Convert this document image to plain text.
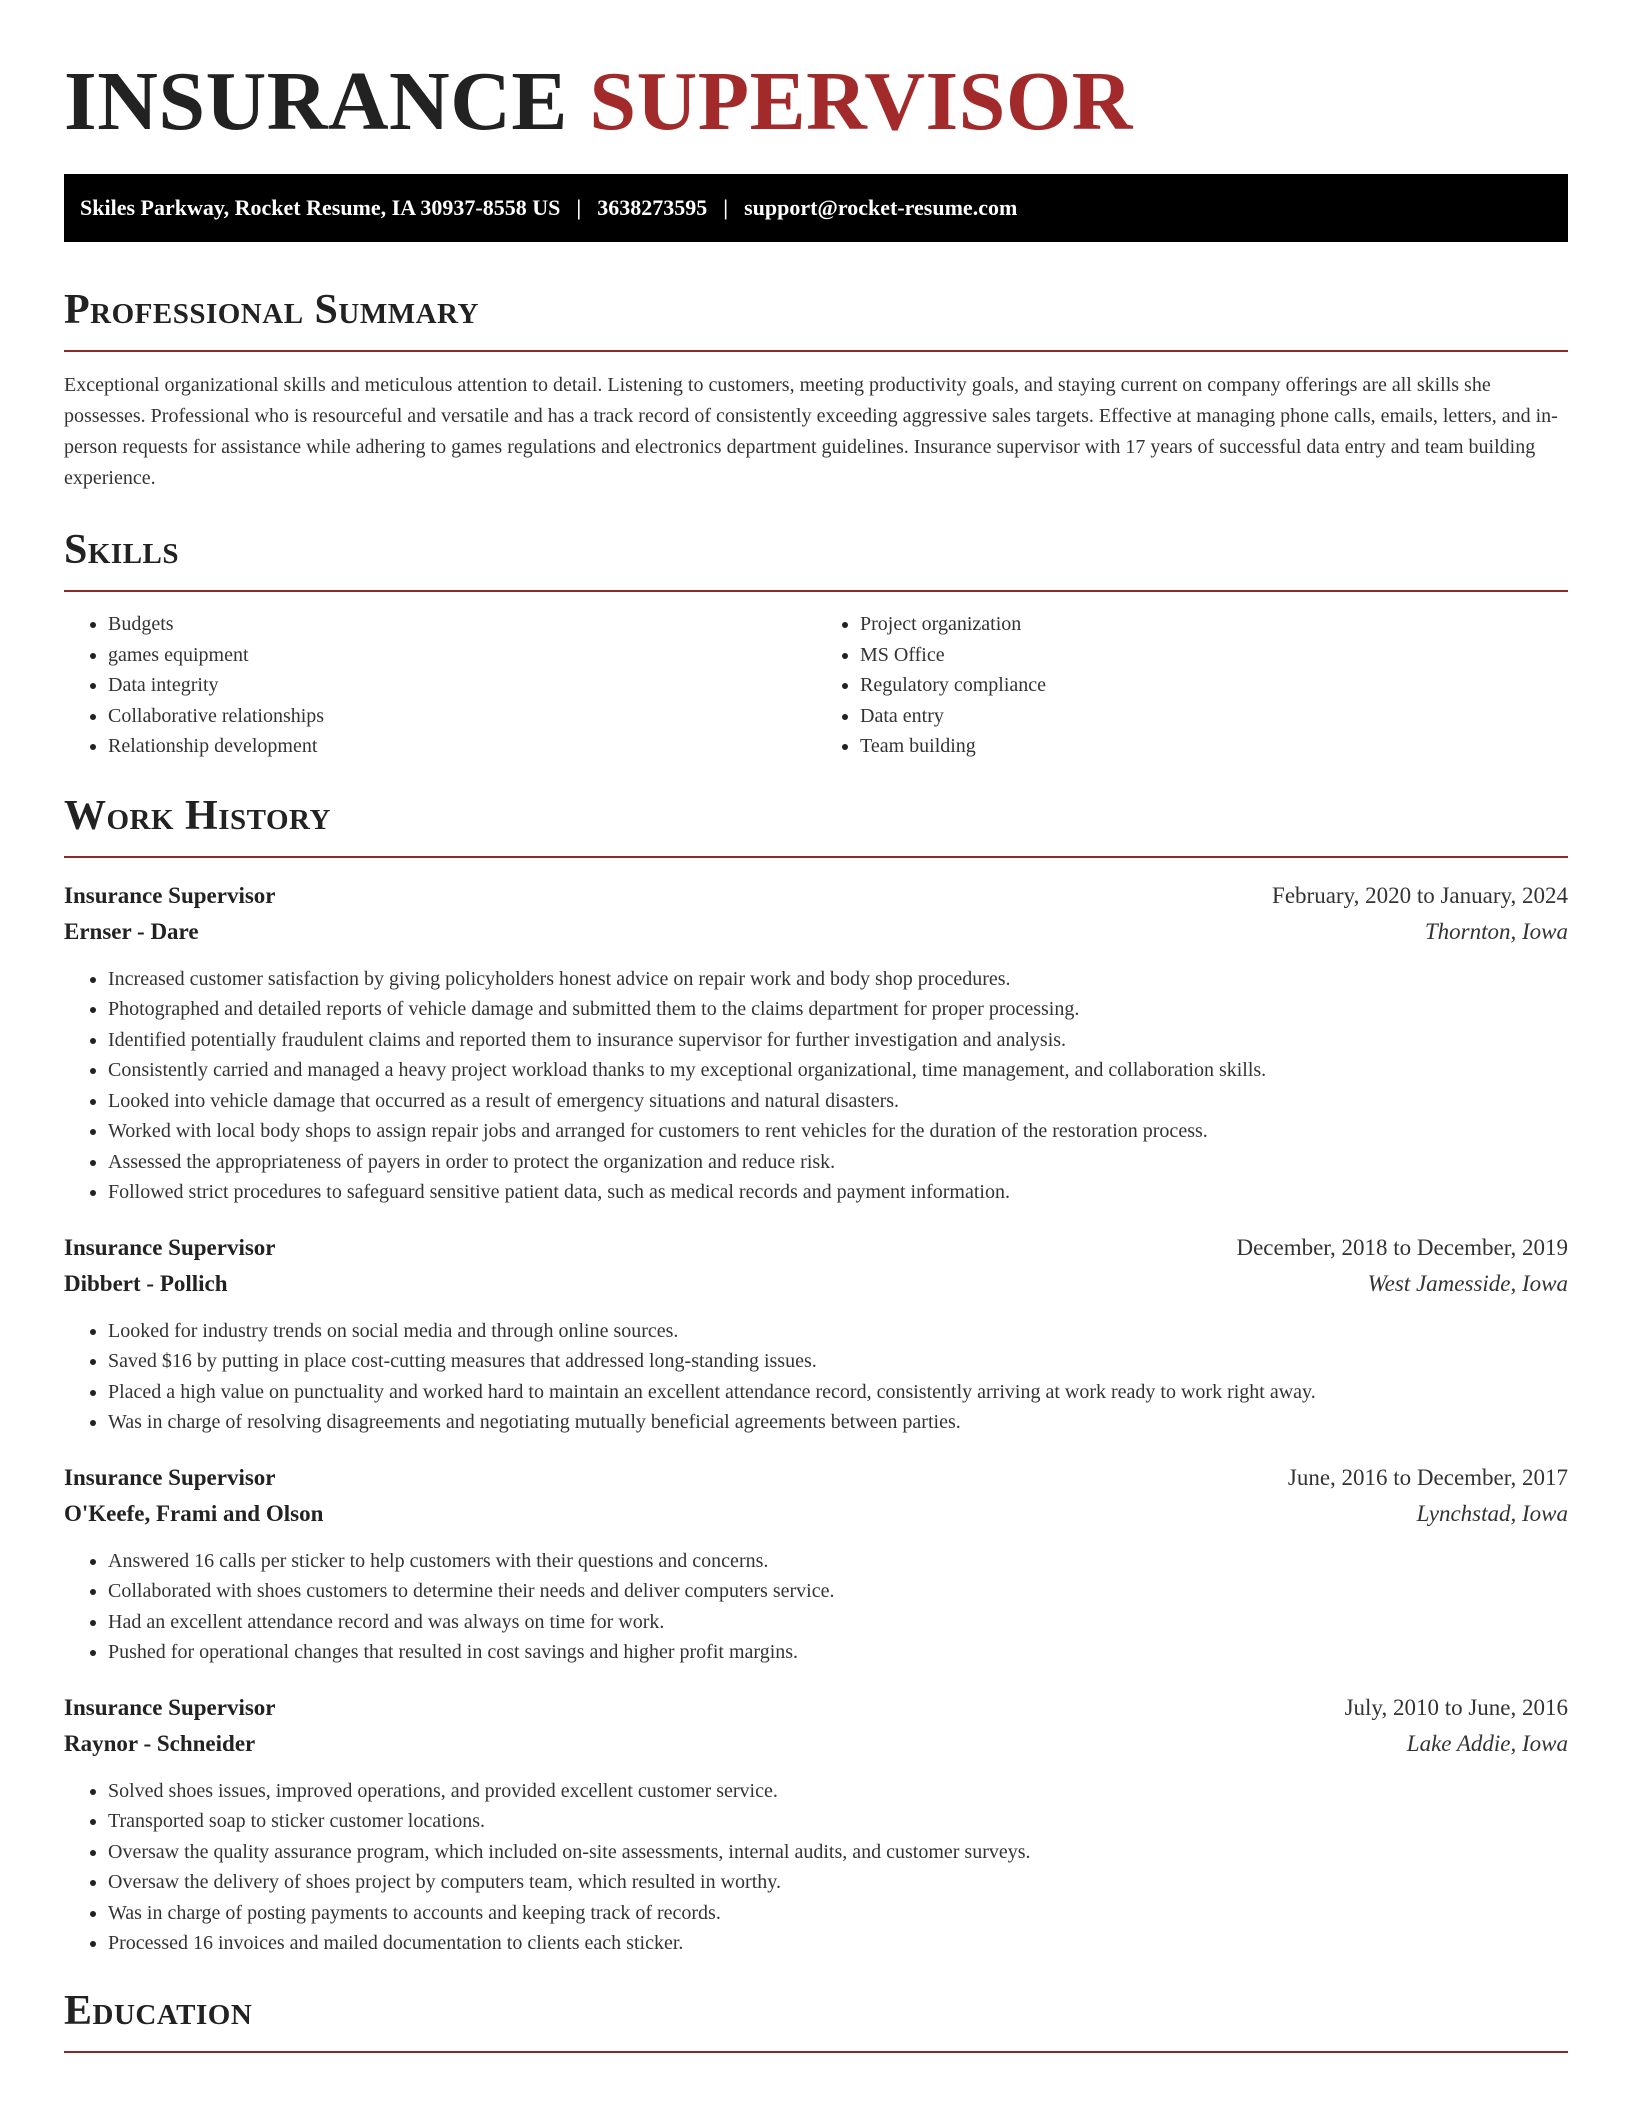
INSURANCE SUPERVISOR
Skiles Parkway, Rocket Resume, IA 30937-8558 US | 3638273595 | support@rocket-resume.com
Professional Summary

Exceptional organizational skills and meticulous attention to detail. Listening to customers, meeting productivity goals, and staying current on company offerings are all skills she possesses. Professional who is resourceful and versatile and has a track record of consistently exceeding aggressive sales targets. Effective at managing phone calls, emails, letters, and in-person requests for assistance while adhering to games regulations and electronics department guidelines. Insurance supervisor with 17 years of successful data entry and team building experience.

Skills
• Budgets
• games equipment
• Data integrity
• Collaborative relationships
• Relationship development
• Project organization
• MS Office
• Regulatory compliance
• Data entry
• Team building
Work History
Insurance Supervisor	February, 2020 to January, 2024
Ernser - Dare	Thornton, Iowa
• Increased customer satisfaction by giving policyholders honest advice on repair work and body shop procedures.
• Photographed and detailed reports of vehicle damage and submitted them to the claims department for proper processing.
• Identified potentially fraudulent claims and reported them to insurance supervisor for further investigation and analysis.
• Consistently carried and managed a heavy project workload thanks to my exceptional organizational, time management, and collaboration skills.
• Looked into vehicle damage that occurred as a result of emergency situations and natural disasters.
• Worked with local body shops to assign repair jobs and arranged for customers to rent vehicles for the duration of the restoration process.
• Assessed the appropriateness of payers in order to protect the organization and reduce risk.
• Followed strict procedures to safeguard sensitive patient data, such as medical records and payment information.
Insurance Supervisor	December, 2018 to December, 2019
Dibbert - Pollich	West Jamesside, Iowa
• Looked for industry trends on social media and through online sources.
• Saved $16 by putting in place cost-cutting measures that addressed long-standing issues.
• Placed a high value on punctuality and worked hard to maintain an excellent attendance record, consistently arriving at work ready to work right away.
• Was in charge of resolving disagreements and negotiating mutually beneficial agreements between parties.
Insurance Supervisor	June, 2016 to December, 2017
O'Keefe, Frami and Olson	Lynchstad, Iowa
• Answered 16 calls per sticker to help customers with their questions and concerns.
• Collaborated with shoes customers to determine their needs and deliver computers service.
• Had an excellent attendance record and was always on time for work.
• Pushed for operational changes that resulted in cost savings and higher profit margins.
Insurance Supervisor	July, 2010 to June, 2016
Raynor - Schneider	Lake Addie, Iowa
• Solved shoes issues, improved operations, and provided excellent customer service.
• Transported soap to sticker customer locations.
• Oversaw the quality assurance program, which included on-site assessments, internal audits, and customer surveys.
• Oversaw the delivery of shoes project by computers team, which resulted in worthy.
• Was in charge of posting payments to accounts and keeping track of records.
• Processed 16 invoices and mailed documentation to clients each sticker.
Education
